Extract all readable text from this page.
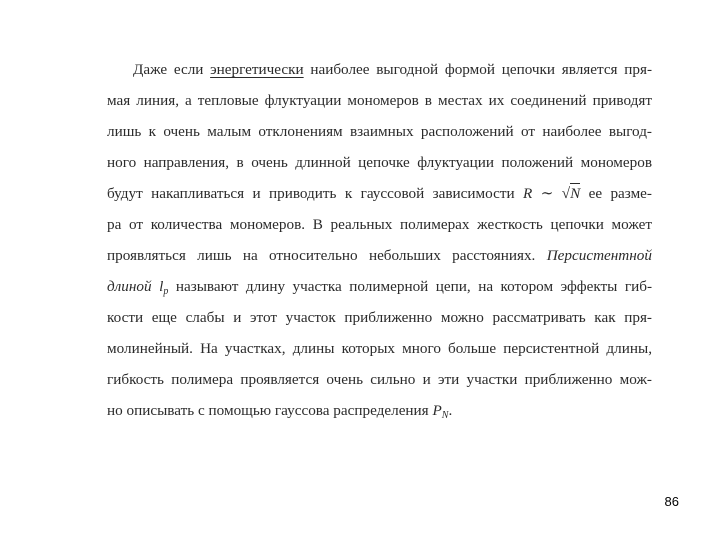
Даже если энергетически наиболее выгодной формой цепочки является пря-
мая линия, а тепловые флуктуации мономеров в местах их соединений приводят
лишь к очень малым отклонениям взаимных расположений от наиболее выгод-
ного направления, в очень длинной цепочке флуктуации положений мономеров
будут накапливаться и приводить к гауссовой зависимости R ∼ √N ее разме-
ра от количества мономеров. В реальных полимерах жесткость цепочки может
проявляться лишь на относительно небольших расстояниях. Персистентной
длиной $l_p$ называют длину участка полимерной цепи, на котором эффекты гиб-
кости еще слабы и этот участок приближенно можно рассматривать как пря-
молинейный. На участках, длины которых много больше персистентной длины,
гибкость полимера проявляется очень сильно и эти участки приближенно мож-
но описывать с помощью гауссова распределения $P_N$.
86
